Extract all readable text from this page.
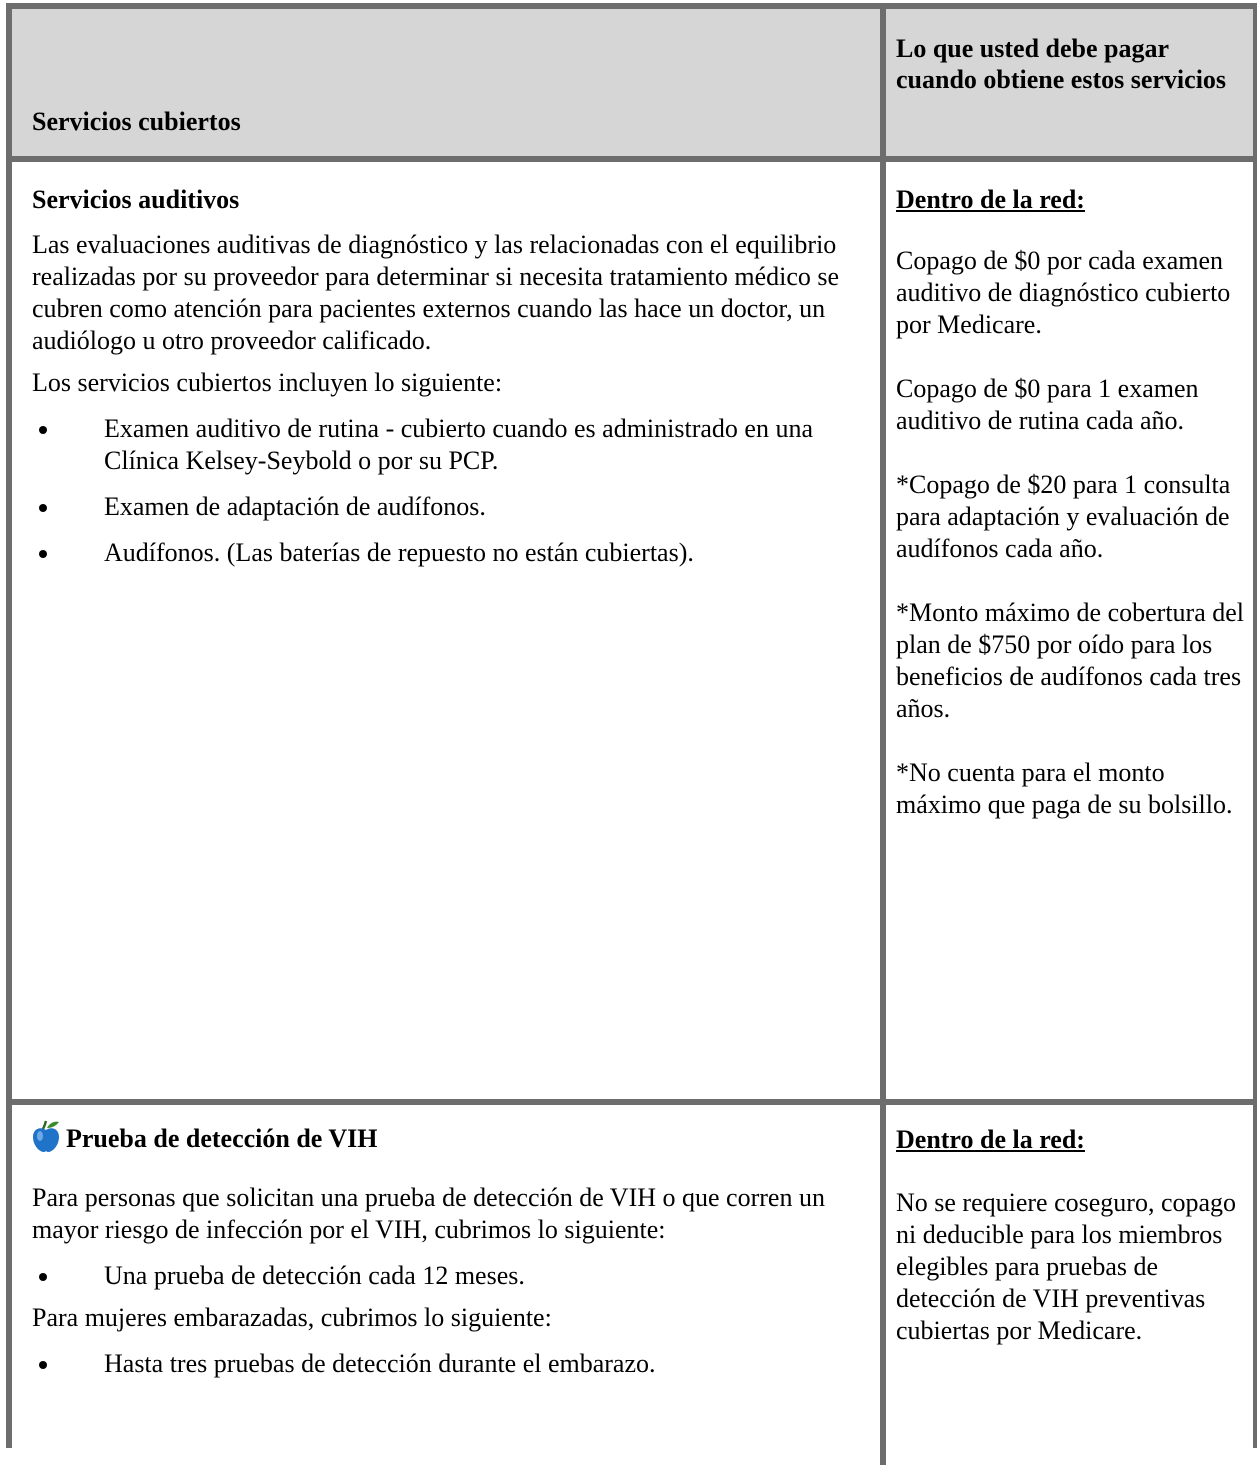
Servicios cubiertos
Lo que usted debe pagar cuando obtiene estos servicios
Servicios auditivos

Las evaluaciones auditivas de diagnóstico y las relacionadas con el equilibrio realizadas por su proveedor para determinar si necesita tratamiento médico se cubren como atención para pacientes externos cuando las hace un doctor, un audiólogo u otro proveedor calificado.

Los servicios cubiertos incluyen lo siguiente:

Examen auditivo de rutina - cubierto cuando es administrado en una Clínica Kelsey-Seybold o por su PCP.

Examen de adaptación de audífonos.

Audífonos. (Las baterías de repuesto no están cubiertas).

Dentro de la red:

Copago de $0 por cada examen auditivo de diagnóstico cubierto por Medicare.

Copago de $0 para 1 examen auditivo de rutina cada año.

*Copago de $20 para 1 consulta para adaptación y evaluación de audífonos cada año.

*Monto máximo de cobertura del plan de $750 por oído para los beneficios de audífonos cada tres años.

*No cuenta para el monto máximo que paga de su bolsillo.

Prueba de detección de VIH

Para personas que solicitan una prueba de detección de VIH o que corren un mayor riesgo de infección por el VIH, cubrimos lo siguiente:

Una prueba de detección cada 12 meses.

Para mujeres embarazadas, cubrimos lo siguiente:

Hasta tres pruebas de detección durante el embarazo.

Dentro de la red:

No se requiere coseguro, copago ni deducible para los miembros elegibles para pruebas de detección de VIH preventivas cubiertas por Medicare.
